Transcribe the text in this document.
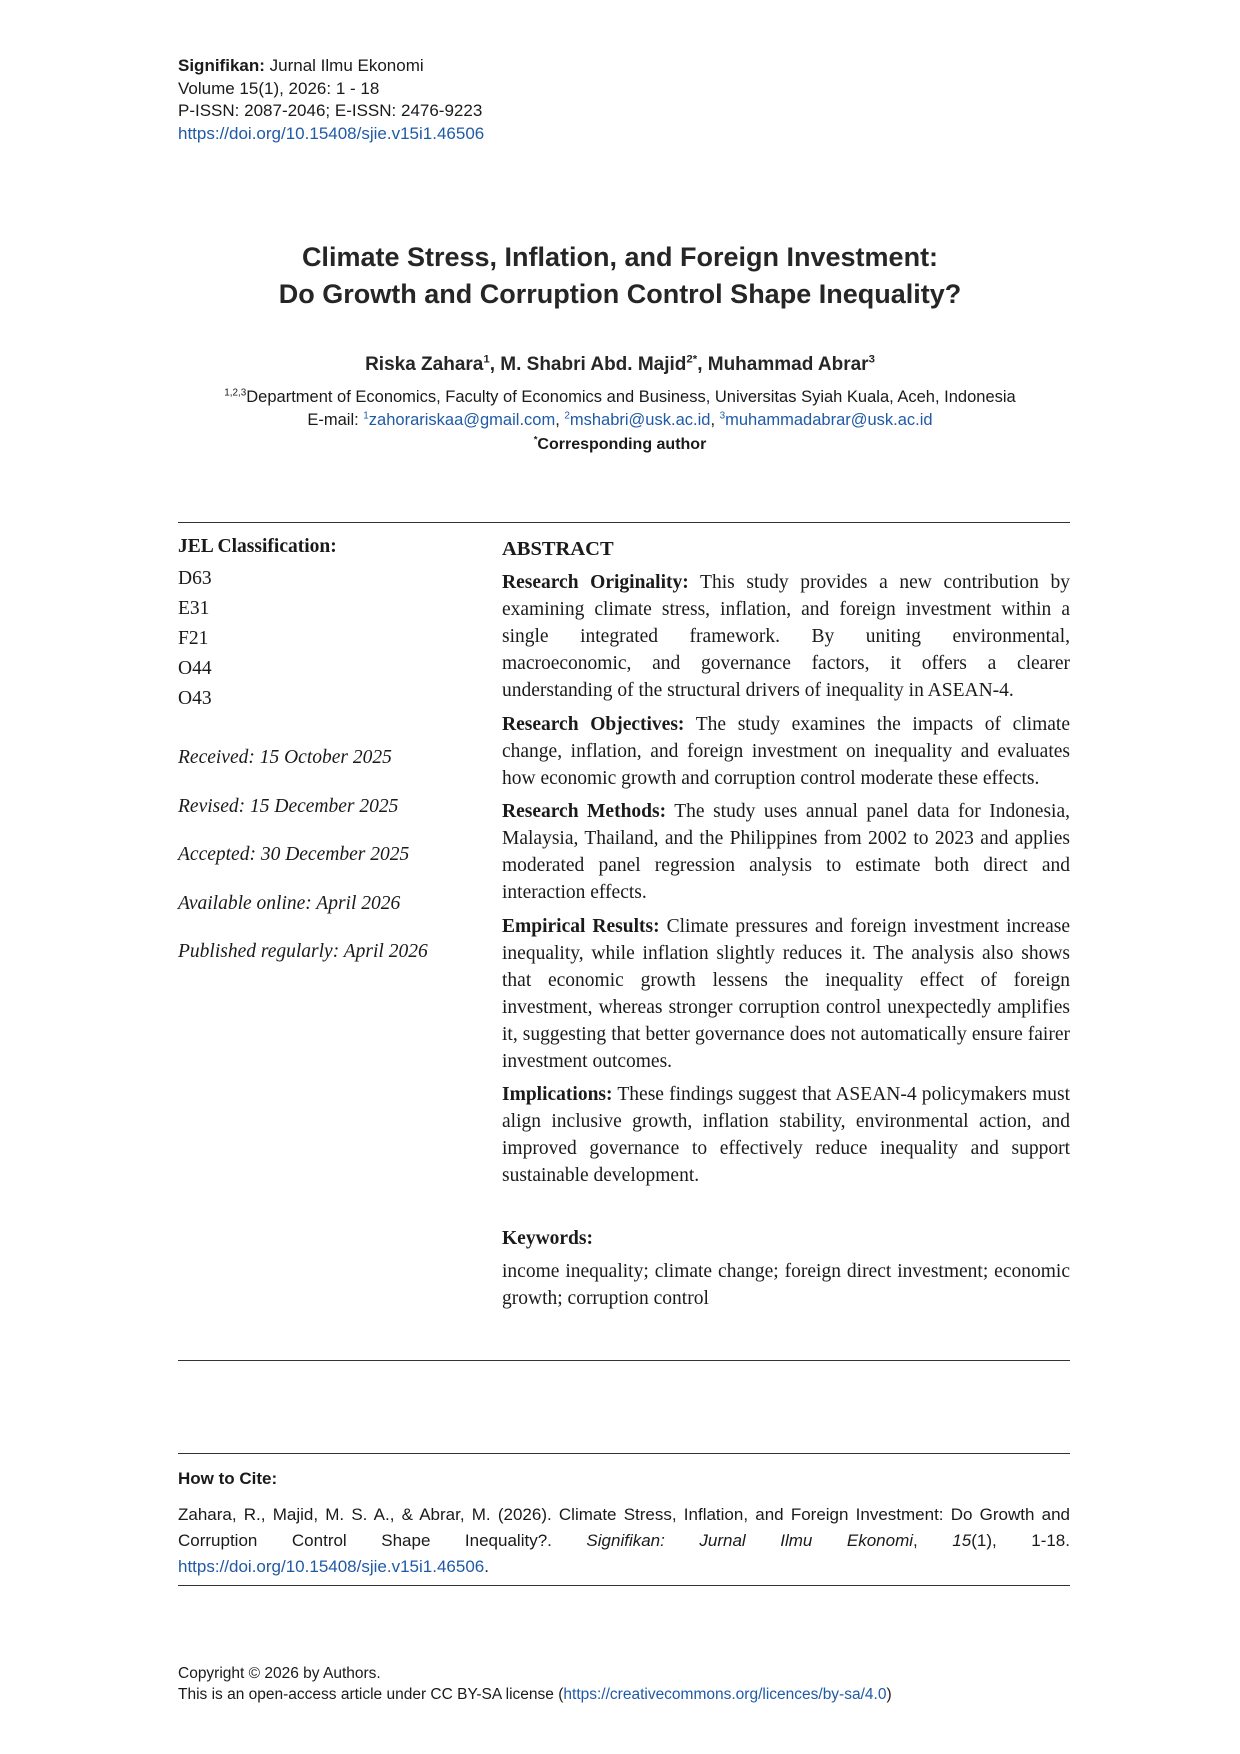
Signifikan: Jurnal Ilmu Ekonomi
Volume 15(1), 2026: 1 - 18
P-ISSN: 2087-2046; E-ISSN: 2476-9223
https://doi.org/10.15408/sjie.v15i1.46506
Climate Stress, Inflation, and Foreign Investment:
Do Growth and Corruption Control Shape Inequality?
Riska Zahara$^1$, M. Shabri Abd. Majid$^{2*}$, Muhammad Abrar$^3$
$^{1,2,3}$Department of Economics, Faculty of Economics and Business, Universitas Syiah Kuala, Aceh, Indonesia
E-mail: $^1$zahorariskaa@gmail.com, $^2$mshabri@usk.ac.id, $^3$muhammadabrar@usk.ac.id
*Corresponding author
JEL Classification:
D63
E31
F21
O44
O43
Received: 15 October 2025
Revised: 15 December 2025
Accepted: 30 December 2025
Available online: April 2026
Published regularly: April 2026
ABSTRACT

Research Originality: This study provides a new contribution by examining climate stress, inflation, and foreign investment within a single integrated framework. By uniting environmental, macroeconomic, and governance factors, it offers a clearer understanding of the structural drivers of inequality in ASEAN-4.

Research Objectives: The study examines the impacts of climate change, inflation, and foreign investment on inequality and evaluates how economic growth and corruption control moderate these effects.

Research Methods: The study uses annual panel data for Indonesia, Malaysia, Thailand, and the Philippines from 2002 to 2023 and applies moderated panel regression analysis to estimate both direct and interaction effects.

Empirical Results: Climate pressures and foreign investment increase inequality, while inflation slightly reduces it. The analysis also shows that economic growth lessens the inequality effect of foreign investment, whereas stronger corruption control unexpectedly amplifies it, suggesting that better governance does not automatically ensure fairer investment outcomes.

Implications: These findings suggest that ASEAN-4 policymakers must align inclusive growth, inflation stability, environmental action, and improved governance to effectively reduce inequality and support sustainable development.

Keywords:
income inequality; climate change; foreign direct investment; economic growth; corruption control
How to Cite:
Zahara, R., Majid, M. S. A., & Abrar, M. (2026). Climate Stress, Inflation, and Foreign Investment: Do Growth and Corruption Control Shape Inequality?. Signifikan: Jurnal Ilmu Ekonomi, 15(1), 1-18. https://doi.org/10.15408/sjie.v15i1.46506.
Copyright © 2026 by Authors.
This is an open-access article under CC BY-SA license (https://creativecommons.org/licences/by-sa/4.0)
